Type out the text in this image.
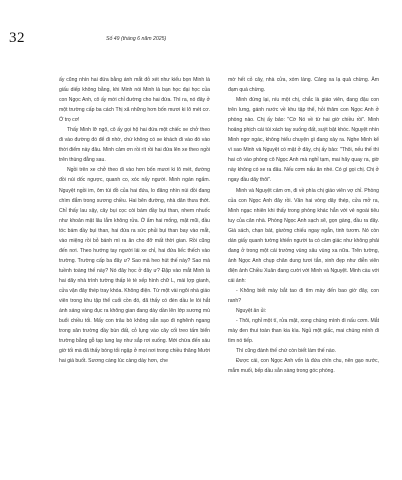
32	Số 49 (tháng 6 năm 2025)

ấy cũng nhìn hai đứa bằng ánh mắt đỏ xét như kiểu bọn Minh là giấu diếp không bằng, khi Minh nói Minh là bạn học đại học của con Ngọc Anh, cô ấy mới chỉ đường cho hai đứa. Thì ra, nó đây ở một trường cấp ba cách Thị xã những hơn bốn mươi ki lô mét cơ. Ở trọ cơ!

Thấy Minh lỡ ngõ, cô ấy gọi hộ hai đứa một chiếc xe chở theo đi vào đường đó để đi nhờ, chứ không có xe khách đi vào đó vào thời điểm này đâu. Minh cảm ơn rồi rít rồi hai đứa lên xe theo ngồi trên thùng đằng sau.

Ngồi trên xe chở theo đi vào hơn bốn mươi ki lô mét, đường đồi núi dốc ngược, quanh co, xóc nẩy người. Minh ngán ngẩm. Nguyệt ngồi im, ôm túi đồ của hai đứa, lo đăng nhìn núi đồi đang chìm đắm trong sương chiều. Hai bên đường, nhà dân thưa thớt. Chỉ thấy lau sậy, cây bụi cọc còi bám đầy bụi than, nhem nhuốc như khoản mặt lâu lắm không rửa. Ở ẩm hai mống, mặt mũi, đầu tóc bám đầy bụi than, hai đứa ra sức phủi bụi than bay vào mắt, vào miệng rồi bỏ bánh mì ra ăn cho đỡ mất thời gian. Rồi cũng đến nơi. Theo hướng tay người lái xe chỉ, hai đứa liếc thếch vào trường. Trường cấp ba đây ư? Sao mà heo hút thế này? Sao mà tuềnh toàng thế này? Nó đây học ở đây ư? Đặp vào mắt Minh là hai dãy nhà trình tường thấp lè tè xếp hình chữ L, mái lợp gianh, cửa vặn đây thép tray khóa. Không điện. Từ một vài ngôi nhà giáo viên trong khu tập thể cuối cồn đó, đã thấy có đèn dầu le lói hắt ánh sáng vàng đục ra không gian đang dày dần lên lớp sương mù buổi chiều tối. Mấy con trâu bò không sẵn sạo đi nghênh ngang trong sân trường đầy bùn đất, cỏ lụng vào cây cối treo tấm biển trường bằng gỗ tạp lung lay như sắp rơi xuống. Mới chừa đến sáu giờ tối mà đã thấy bóng tối ngập ở mọi nơi trong chiều thăng Mười hai giá buốt. Sương càng lúc càng dày hơn, che

mờ hết cỏ cây, nhà cửa, xóm làng. Cảng xa lạ quả chừng. Âm đạm quá chừng.

Minh đứng lại, níu một chị, chắc là giáo viên, đang đậu con trên lưng, gánh nước về khu tập thể, hỏi thăm con Ngọc Anh ở phòng nào. Chị ấy bảo: "Cờ Nó về từ hai giờ chiều rồi". Minh hoảng phịch cái túi xách tay xuống đất, suýt bật khóc. Nguyệt nhìn Minh ngơ ngác, không hiểu chuyện gì đang xảy ra. Nghe Minh kể vì sao Minh và Nguyệt có mặt ở đây, chị ấy bảo: "Thôi, nếu thế thì hai cô vào phòng cô Ngọc Anh mà nghỉ tạm, mai hãy quay ra, giờ này không có xe ra đâu. Nếu cơm nấu ăn nhé. Có gì gọi chị. Chị ở ngay đầu dãy thôi".

Minh và Nguyệt cảm ơn, đi về phía chị giáo viên vợ chỉ. Phòng của con Ngọc Anh đây rồi. Văn hai vòng dây thép, cửa mở ra, Minh ngạc nhiên khi thấy trong phòng khác hẳn với vẻ ngoài tiêu tuy của căn nhà. Phòng Ngọc Anh sạch sẽ, gọn gàng, đầu ra đây. Giá sách, chạn bát, giường chiếu ngay ngắn, tinh tươm. Nó còn dán giấy quanh tường khiến người ta có cảm giác như không phải đang ở trong một cái trường vùng sâu vùng xa nữa. Trên tường, ảnh Ngọc Anh chụp chân dung tươi tắn, xinh đẹp như điễn viên điện ảnh Chiều Xuân đang cười với Minh và Nguyệt. Minh càu với cái ảnh:

- Không biết mày bắt tao đi tìm mày đến bao giờ đây, con ranh?

Nguyệt ân ủi:

- Thôi, nghỉ một tí, rửa mặt, xong chúng mình đi nấu cơm. Mắt mày đen thui toàn than kia kìa. Ngủ một giấc, mai chúng mình đi tìm nó tiếp.

Thì cũng đành thế chứ còn biết làm thế nào.

Được cái, con Ngọc Anh vốn là đứa chín chu, nên gạo nước, mắm muối, bếp dầu sẵn sàng trong góc phòng.
